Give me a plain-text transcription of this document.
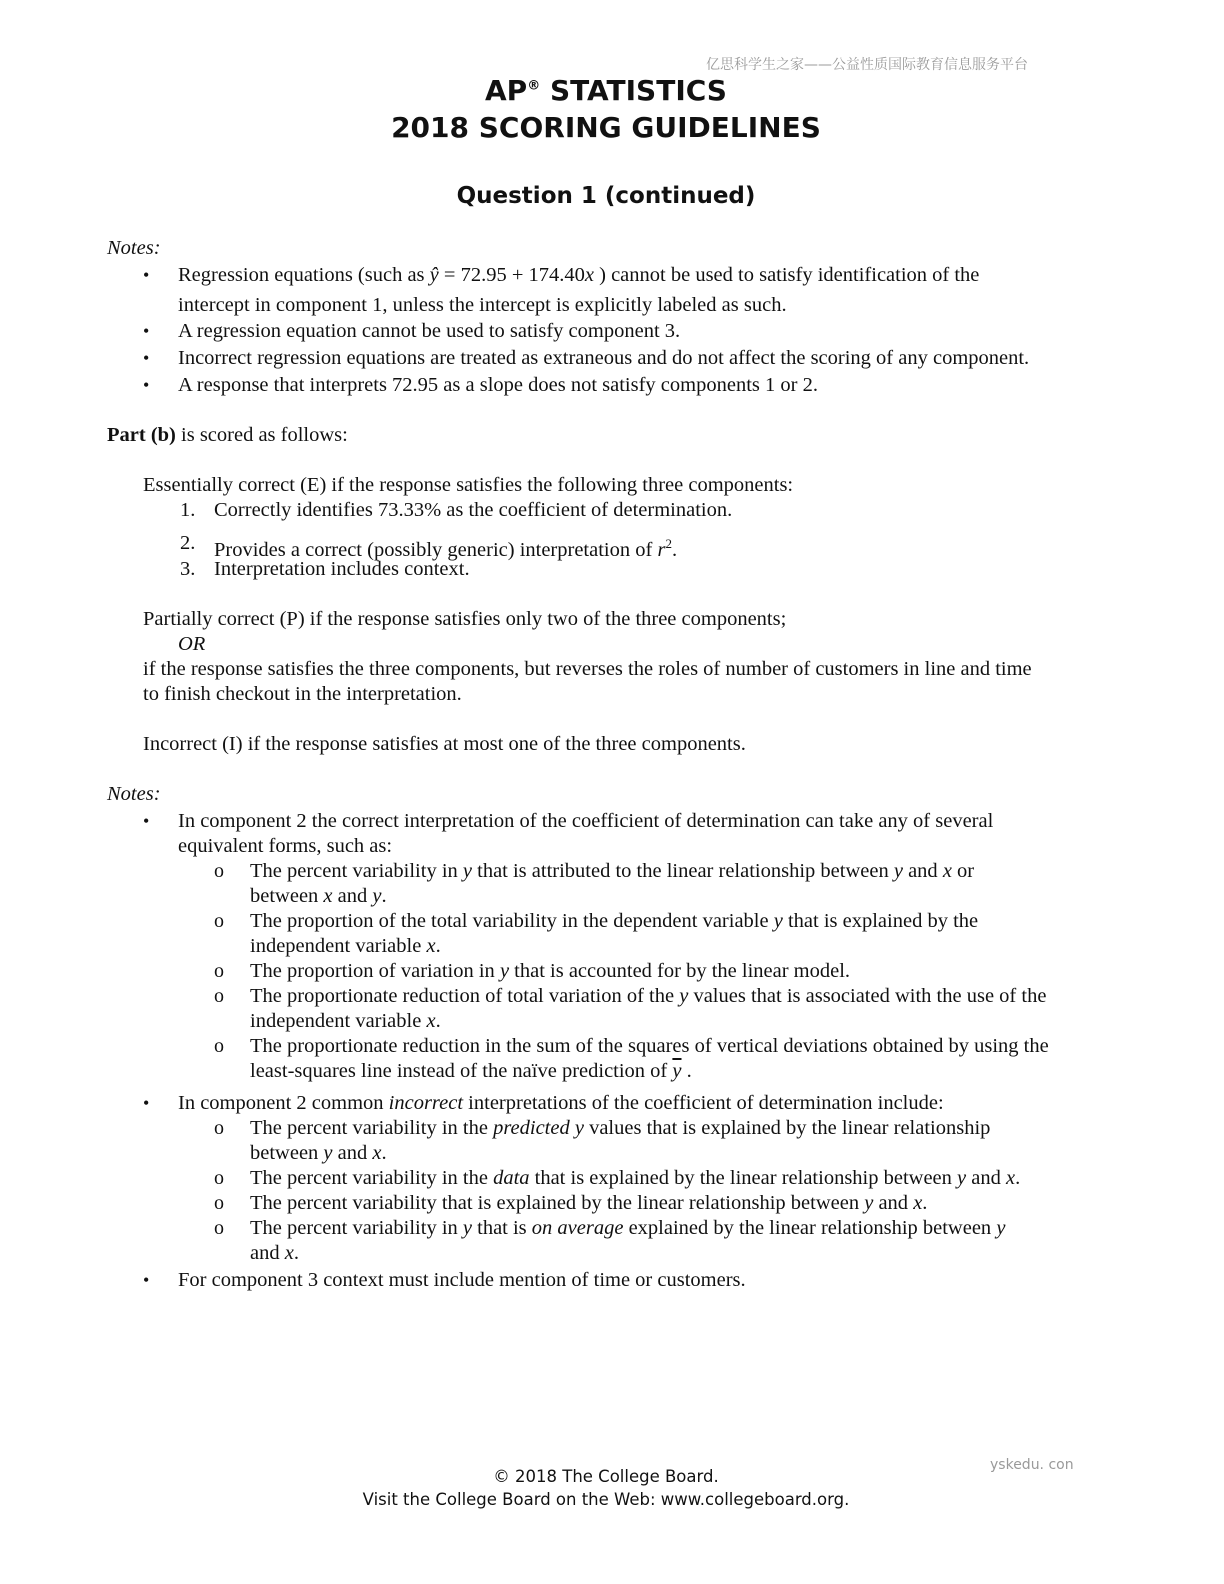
亿思科学生之家——公益性质国际教育信息服务平台
yskedu. con
AP® STATISTICS
2018 SCORING GUIDELINES
Question 1 (continued)
Notes:
• Regression equations (such as ŷ = 72.95 + 174.40x ) cannot be used to satisfy identification of the
intercept in component 1, unless the intercept is explicitly labeled as such.
• A regression equation cannot be used to satisfy component 3.
• Incorrect regression equations are treated as extraneous and do not affect the scoring of any component.
• A response that interprets 72.95 as a slope does not satisfy components 1 or 2.
Part (b) is scored as follows:
Essentially correct (E) if the response satisfies the following three components:
1. Correctly identifies 73.33% as the coefficient of determination.
2. Provides a correct (possibly generic) interpretation of $r^2$.
3. Interpretation includes context.
Partially correct (P) if the response satisfies only two of the three components;
OR
if the response satisfies the three components, but reverses the roles of number of customers in line and time
to finish checkout in the interpretation.
Incorrect (I) if the response satisfies at most one of the three components.
Notes:
• In component 2 the correct interpretation of the coefficient of determination can take any of several
equivalent forms, such as:
o The percent variability in y that is attributed to the linear relationship between y and x or
between x and y.
o The proportion of the total variability in the dependent variable y that is explained by the
independent variable x.
o The proportion of variation in y that is accounted for by the linear model.
o The proportionate reduction of total variation of the y values that is associated with the use of the
independent variable x.
o The proportionate reduction in the sum of the squares of vertical deviations obtained by using the
least-squares line instead of the naïve prediction of $\overline{y}$ .
• In component 2 common incorrect interpretations of the coefficient of determination include:
o The percent variability in the predicted y values that is explained by the linear relationship
between y and x.
o The percent variability in the data that is explained by the linear relationship between y and x.
o The percent variability that is explained by the linear relationship between y and x.
o The percent variability in y that is on average explained by the linear relationship between y
and x.
• For component 3 context must include mention of time or customers.
© 2018 The College Board.
Visit the College Board on the Web: www.collegeboard.org.
